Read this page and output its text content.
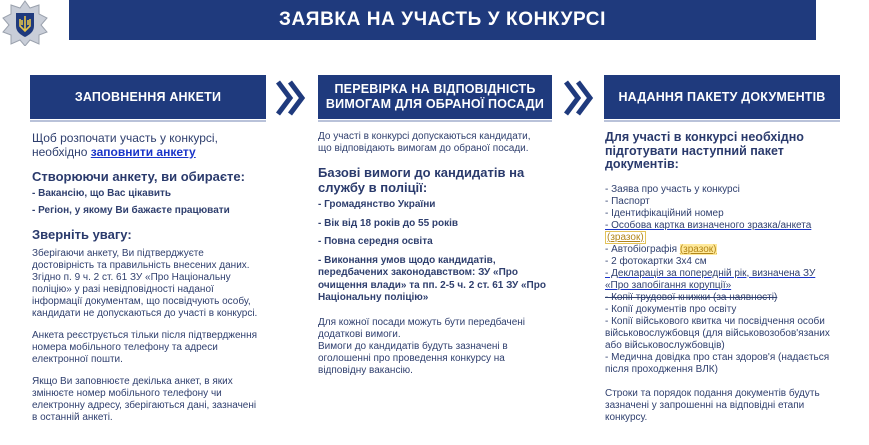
ЗАЯВКА НА УЧАСТЬ У КОНКУРСІ
ЗАПОВНЕННЯ АНКЕТИ
ПЕРЕВІРКА НА ВІДПОВІДНІСТЬ
ВИМОГАМ ДЛЯ ОБРАНОЇ ПОСАДИ
НАДАННЯ ПАКЕТУ ДОКУМЕНТІВ
Щоб розпочати участь у конкурсі,
необхідно заповнити анкету
Створюючи анкету, ви обираєте:
- Вакансію, що Вас цікавить
- Регіон, у якому Ви бажаєте працювати
Зверніть увагу:
Зберігаючи анкету, Ви підтверджуєте
достовірність та правильність внесених даних.
Згідно п. 9 ч. 2 ст. 61 ЗУ «Про Національну
поліцію» у разі невідповідності наданої
інформації документам, що посвідчують особу,
кандидати не допускаються до участі в конкурсі.
Анкета реєструється тільки після підтвердження
номера мобільного телефону та адреси
електронної пошти.
Якщо Ви заповнюєте декілька анкет, в яких
змінюєте номер мобільного телефону чи
електронну адресу, зберігаються дані, зазначені
в останній анкеті.
До участі в конкурсі допускаються кандидати,
що відповідають вимогам до обраної посади.
Базові вимоги до кандидатів на
службу в поліції:
- Громадянство України
- Вік від 18 років до 55 років
- Повна середня освіта
- Виконання умов щодо кандидатів,
передбачених законодавством: ЗУ «Про
очищення влади» та пп. 2-5 ч. 2 ст. 61 ЗУ «Про
Національну поліцію»
Для кожної посади можуть бути передбачені
додаткові вимоги.
Вимоги до кандидатів будуть зазначені в
оголошенні про проведення конкурсу на
відповідну вакансію.
Для участі в конкурсі необхідно
підготувати наступний пакет
документів:
- Заява про участь у конкурсі
- Паспорт
- Ідентифікаційний номер
- Особова картка визначеного зразка/анкета
(зразок)
- Автобіографія (зразок)
- 2 фотокартки 3х4 см
- Декларація за попередній рік, визначена ЗУ
«Про запобігання корупції»
- Копії трудової книжки (за наявності)
- Копії документів про освіту
- Копії військового квитка чи посвідчення особи
військовослужбовця (для військовозобов'язаних
або військовослужбовців)
- Медична довідка про стан здоров'я (надається
після проходження ВЛК)
Строки та порядок подання документів будуть
зазначені у запрошенні на відповідні етапи
конкурсу.
